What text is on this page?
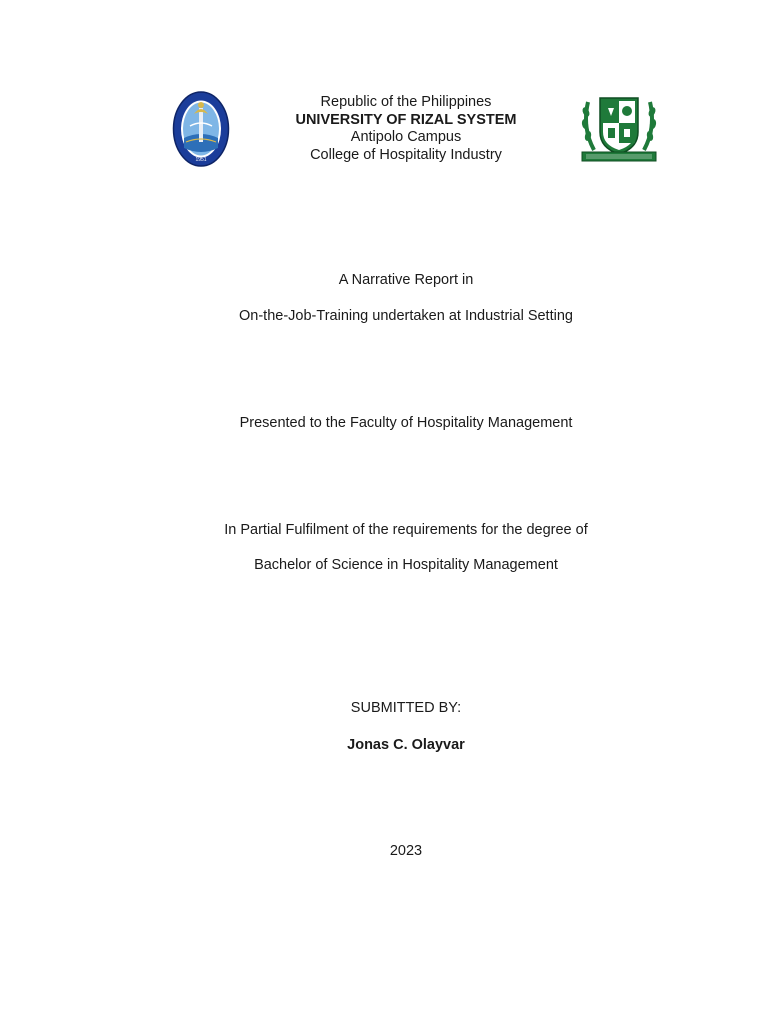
1951
Republic of the Philippines
UNIVERSITY OF RIZAL SYSTEM
Antipolo Campus
College of Hospitality Industry
A Narrative Report in
On-the-Job-Training undertaken at Industrial Setting
Presented to the Faculty of Hospitality Management
In Partial Fulfilment of the requirements for the degree of
Bachelor of Science in Hospitality Management
SUBMITTED BY:
Jonas C. Olayvar
2023
